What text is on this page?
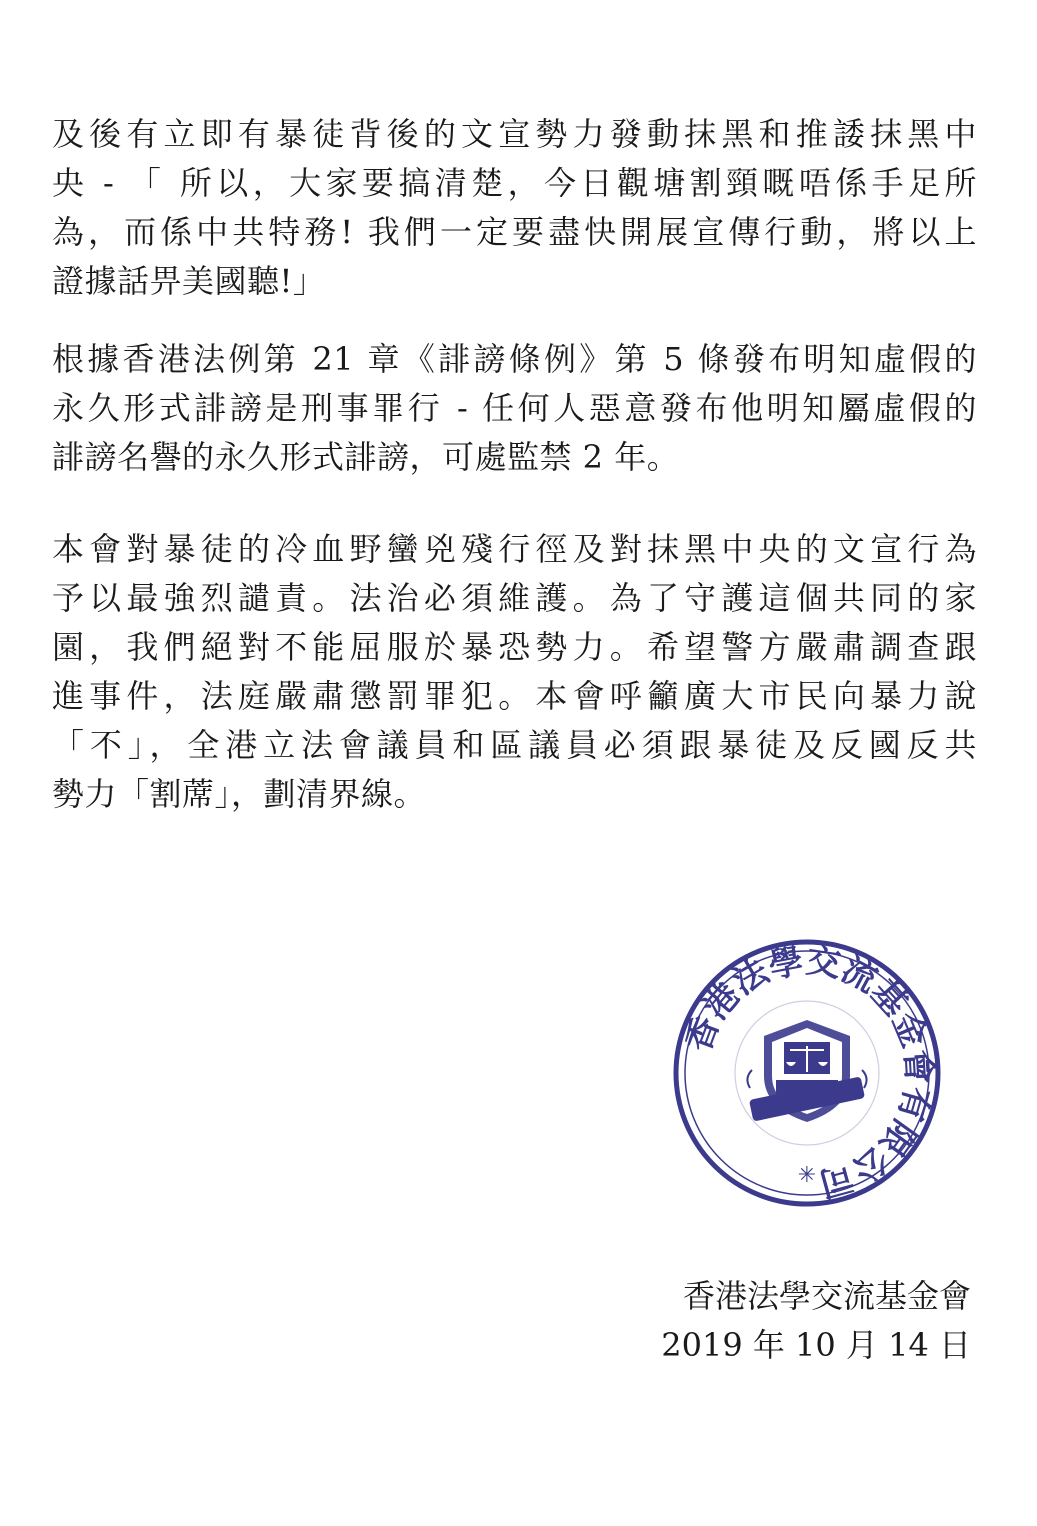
及後有立即有暴徒背後的文宣勢力發動抹黑和推諉抹黑中
央 - 「 所以，大家要搞清楚，今日觀塘割頸嘅唔係手足所
為，而係中共特務! 我們一定要盡快開展宣傳行動，將以上
證據話畀美國聽!」
根據香港法例第 21 章《誹謗條例》第 5 條發布明知虛假的
永久形式誹謗是刑事罪行 - 任何人惡意發布他明知屬虛假的
誹謗名譽的永久形式誹謗，可處監禁 2 年。
本會對暴徒的冷血野蠻兇殘行徑及對抹黑中央的文宣行為
予以最強烈譴責。法治必須維護。為了守護這個共同的家
園，我們絕對不能屈服於暴恐勢力。希望警方嚴肅調查跟
進事件，法庭嚴肅懲罰罪犯。本會呼籲廣大市民向暴力說
「不」，全港立法會議員和區議員必須跟暴徒及反國反共
勢力「割蓆」，劃清界線。
香港法學交流基金會有限公司
✳
香港法學交流基金會
2019 年 10 月 14 日
